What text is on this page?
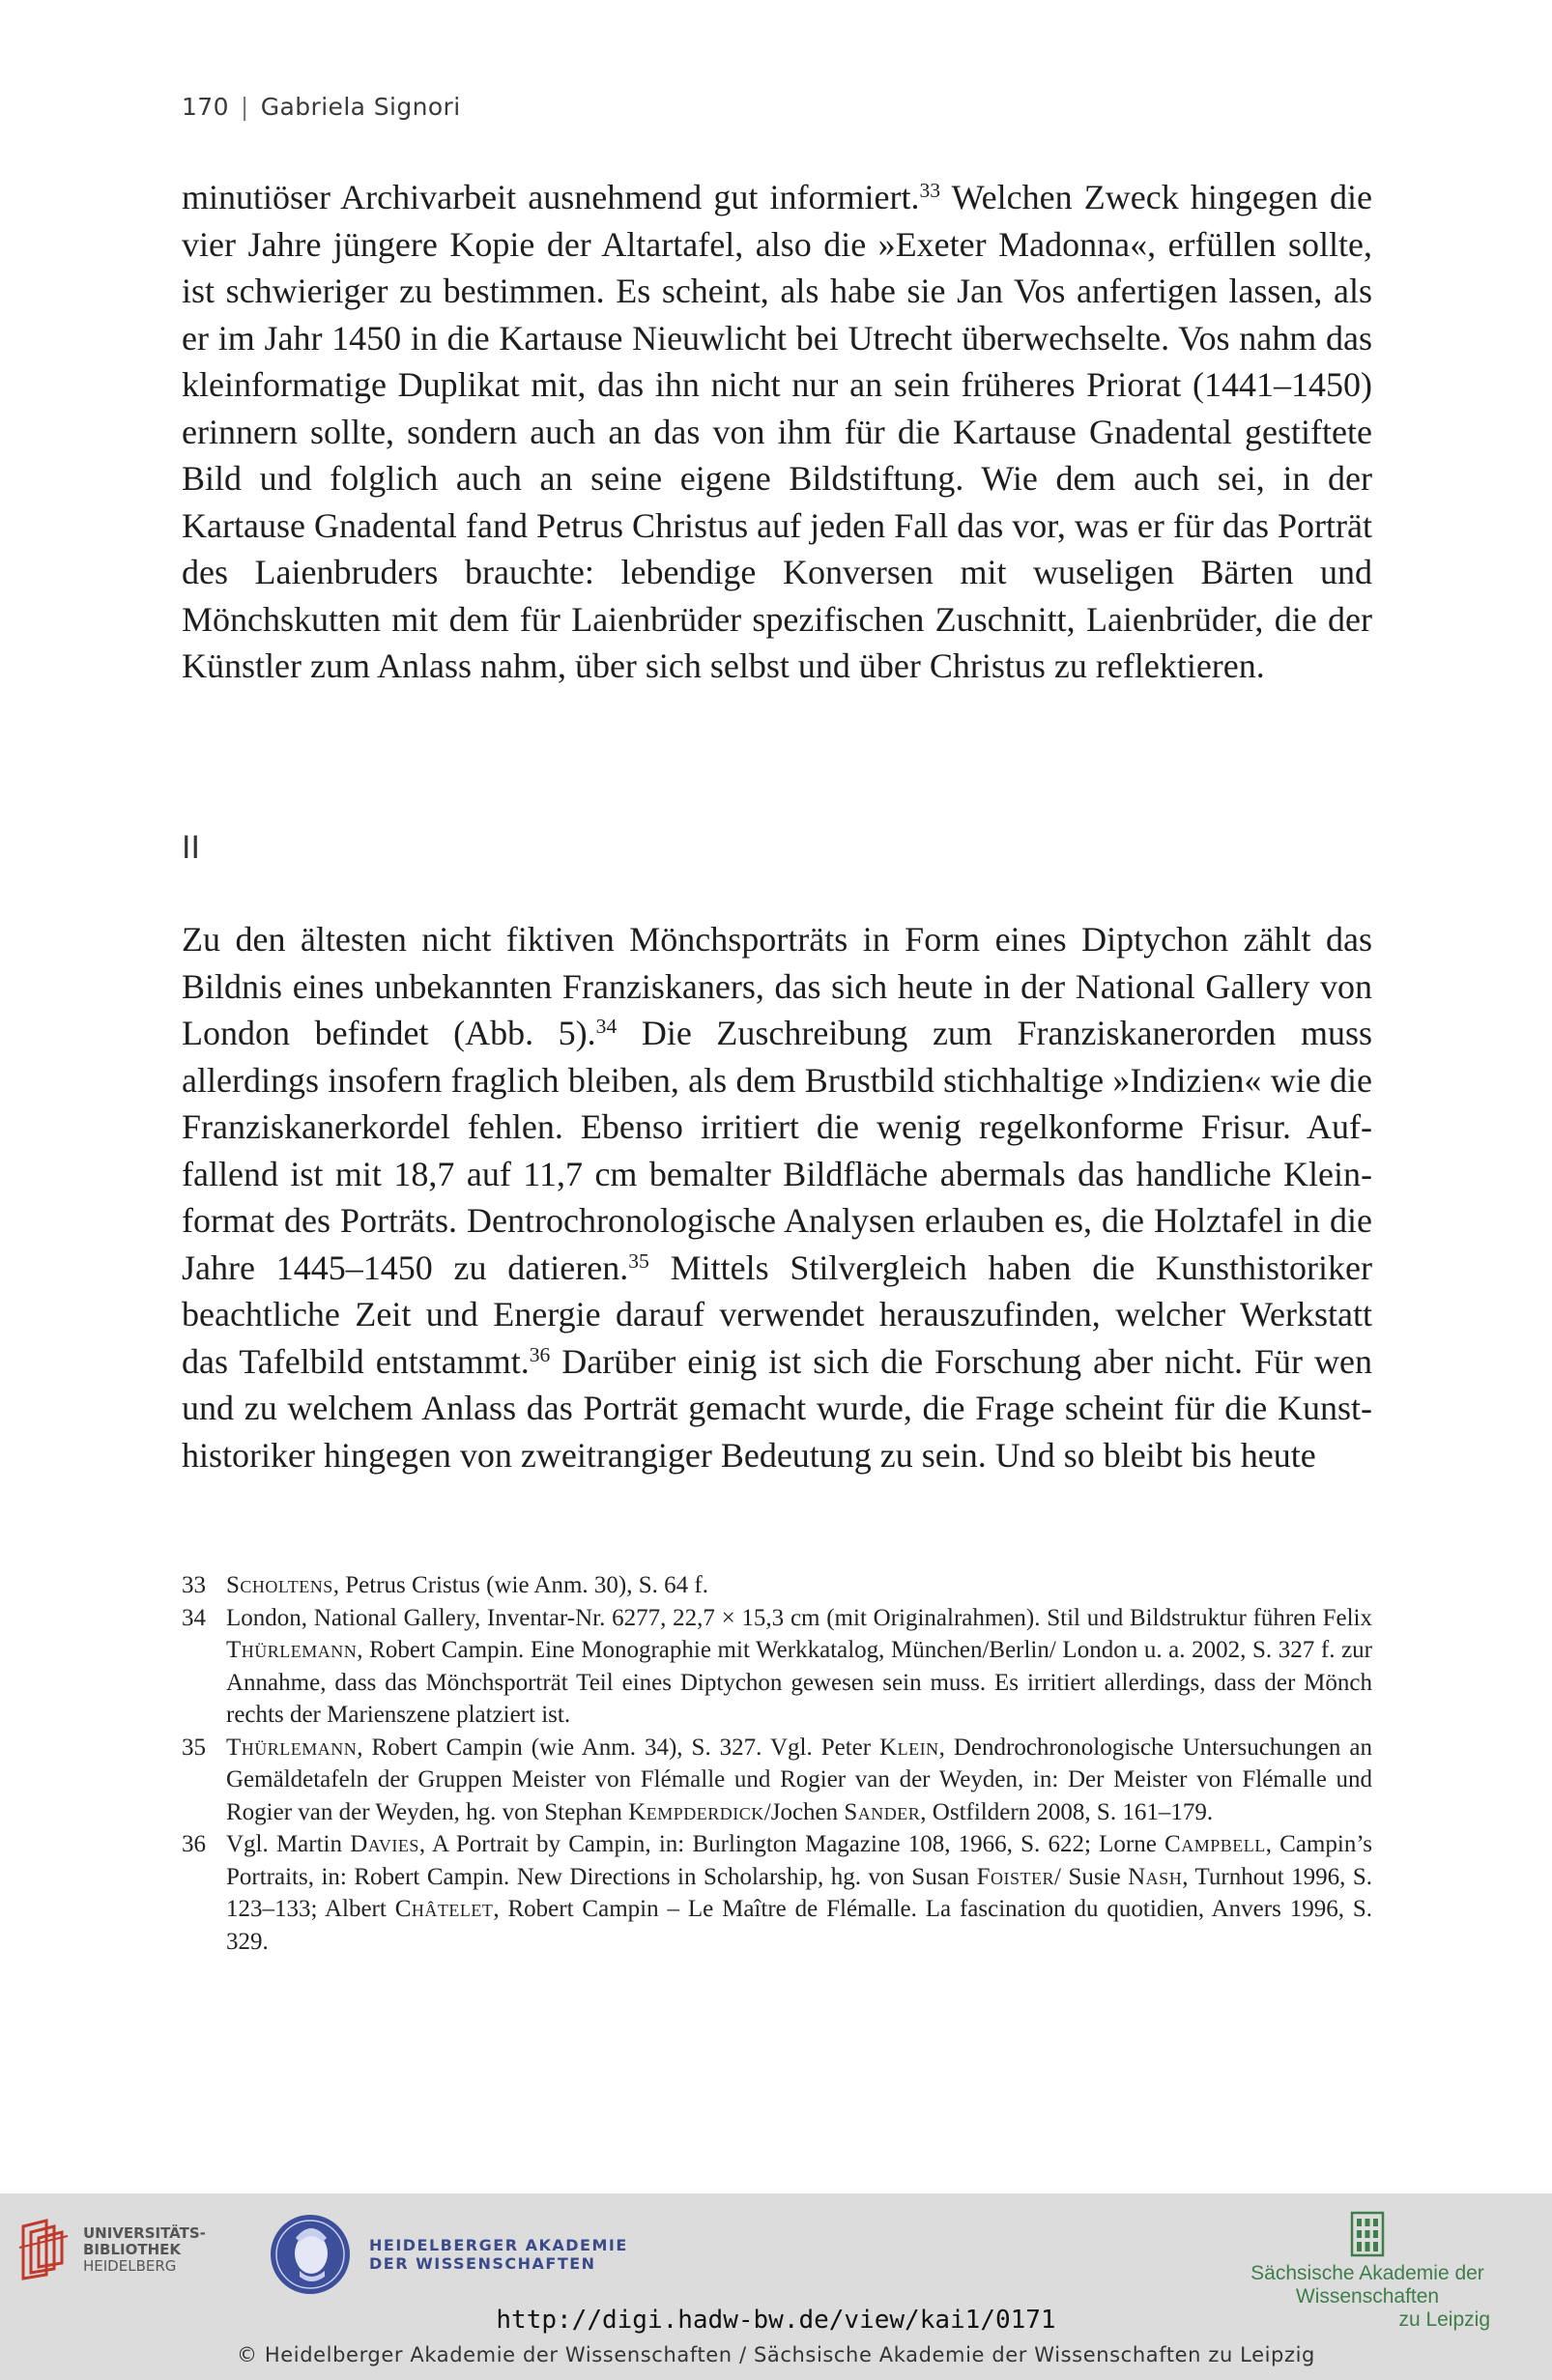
170 | Gabriela Signori

minutiöser Archivarbeit ausnehmend gut informiert.$^{33}$ Welchen Zweck hingegen die vier Jahre jüngere Kopie der Altartafel, also die »Exeter Madonna«, erfüllen sollte, ist schwieriger zu bestimmen. Es scheint, als habe sie Jan Vos anfertigen lassen, als er im Jahr 1450 in die Kartause Nieuwlicht bei Utrecht überwechselte. Vos nahm das kleinformatige Duplikat mit, das ihn nicht nur an sein früheres Priorat (1441–1450) erinnern sollte, sondern auch an das von ihm für die Kartause Gnadental gestiftete Bild und folglich auch an seine eigene Bildstiftung. Wie dem auch sei, in der Kartause Gnadental fand Petrus Christus auf jeden Fall das vor, was er für das Porträt des Laienbruders brauchte: lebendige Konversen mit wuseligen Bärten und Mönchskutten mit dem für Laienbrüder spezifischen Zuschnitt, Laienbrüder, die der Künstler zum Anlass nahm, über sich selbst und über Christus zu reflektieren.

II

Zu den ältesten nicht fiktiven Mönchsporträts in Form eines Diptychon zählt das Bildnis eines unbekannten Franziskaners, das sich heute in der National Gallery von London befindet (Abb. 5).$^{34}$ Die Zuschreibung zum Franziskanerorden muss allerdings insofern fraglich bleiben, als dem Brustbild stichhaltige »Indizien« wie die Franziskanerkordel fehlen. Ebenso irritiert die wenig regelkonforme Frisur. Auffallend ist mit 18,7 auf 11,7 cm bemalter Bildfläche abermals das handliche Kleinformat des Porträts. Dentrochronologische Analysen erlauben es, die Holztafel in die Jahre 1445–1450 zu datieren.$^{35}$ Mittels Stilvergleich haben die Kunsthistoriker beachtliche Zeit und Energie darauf verwendet herauszufinden, welcher Werkstatt das Tafelbild entstammt.$^{36}$ Darüber einig ist sich die Forschung aber nicht. Für wen und zu welchem Anlass das Porträt gemacht wurde, die Frage scheint für die Kunsthistoriker hingegen von zweitrangiger Bedeutung zu sein. Und so bleibt bis heute

33 Scholtens, Petrus Cristus (wie Anm. 30), S. 64 f.
34 London, National Gallery, Inventar-Nr. 6277, 22,7 × 15,3 cm (mit Originalrahmen). Stil und Bildstruktur führen Felix Thürlemann, Robert Campin. Eine Monographie mit Werkkatalog, München/Berlin/ London u. a. 2002, S. 327 f. zur Annahme, dass das Mönchsporträt Teil eines Diptychon gewesen sein muss. Es irritiert allerdings, dass der Mönch rechts der Marienszene platziert ist.
35 Thürlemann, Robert Campin (wie Anm. 34), S. 327. Vgl. Peter Klein, Dendrochronologische Untersuchungen an Gemäldetafeln der Gruppen Meister von Flémalle und Rogier van der Weyden, in: Der Meister von Flémalle und Rogier van der Weyden, hg. von Stephan Kempderdick/Jochen Sander, Ostfildern 2008, S. 161–179.
36 Vgl. Martin Davies, A Portrait by Campin, in: Burlington Magazine 108, 1966, S. 622; Lorne Campbell, Campin’s Portraits, in: Robert Campin. New Directions in Scholarship, hg. von Susan Foister/ Susie Nash, Turnhout 1996, S. 123–133; Albert Châtelet, Robert Campin – Le Maître de Flémalle. La fascination du quotidien, Anvers 1996, S. 329.
UNIVERSITÄTS-
BIBLIOTHEK
HEIDELBERG
HEIDELBERGER AKADEMIE
DER WISSENSCHAFTEN	Sächsische Akademie der Wissenschaften
zu Leipzig
http://digi.hadw-bw.de/view/kai1/0171
© Heidelberger Akademie der Wissenschaften / Sächsische Akademie der Wissenschaften zu Leipzig
